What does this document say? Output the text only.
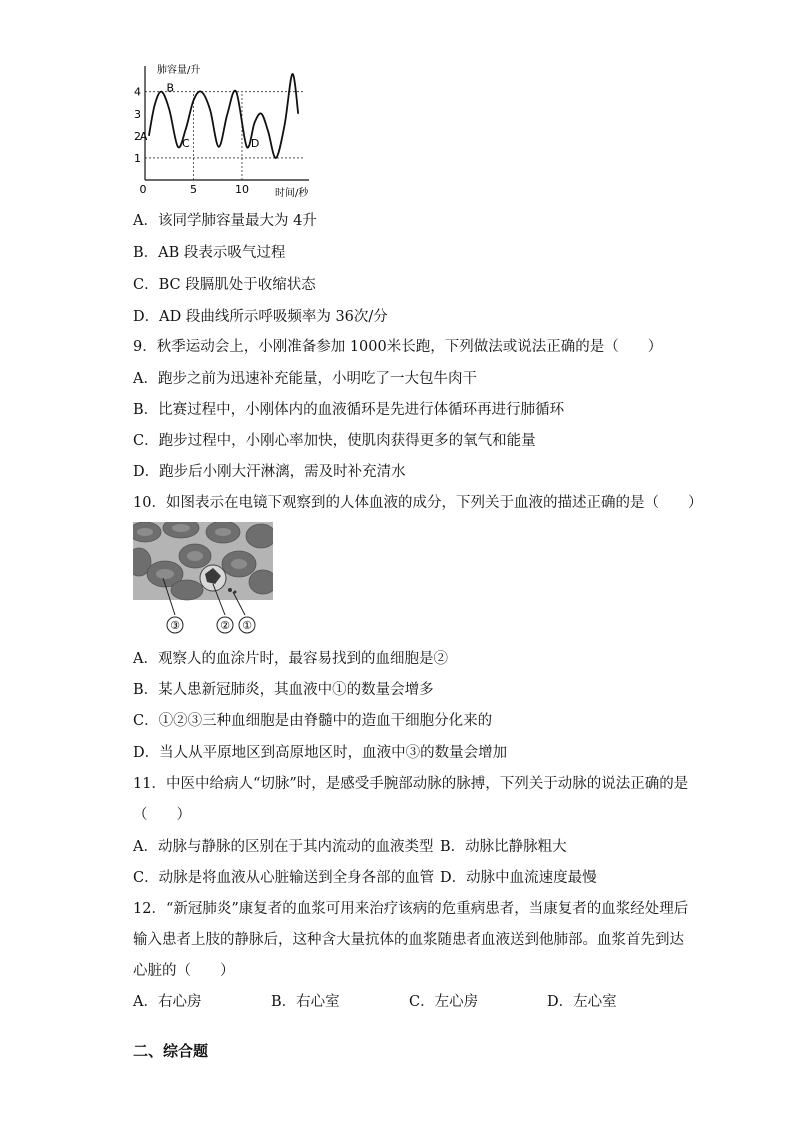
1
2
3
4
0	5	10
肺容量/升
时间/秒
A
B
C	D
A．该同学肺容量最大为 4升
B．AB 段表示吸气过程
C．BC 段膈肌处于收缩状态
D．AD 段曲线所示呼吸频率为 36次/分
9．秋季运动会上，小刚准备参加 1000米长跑，下列做法或说法正确的是（　　）
A．跑步之前为迅速补充能量，小明吃了一大包牛肉干
B．比赛过程中，小刚体内的血液循环是先进行体循环再进行肺循环
C．跑步过程中，小刚心率加快，使肌肉获得更多的氧气和能量
D．跑步后小刚大汗淋漓，需及时补充清水
10．如图表示在电镜下观察到的人体血液的成分，下列关于血液的描述正确的是（　　）
③	② ①
A．观察人的血涂片时，最容易找到的血细胞是②
B．某人患新冠肺炎，其血液中①的数量会增多
C．①②③三种血细胞是由脊髓中的造血干细胞分化来的
D．当人从平原地区到高原地区时，血液中③的数量会增加
11．中医中给病人“切脉”时，是感受手腕部动脉的脉搏，下列关于动脉的说法正确的是
（　　）
A．动脉与静脉的区别在于其内流动的血液类型 B．动脉比静脉粗大
C．动脉是将血液从心脏输送到全身各部的血管 D．动脉中血流速度最慢
12．“新冠肺炎”康复者的血浆可用来治疗该病的危重病患者，当康复者的血浆经处理后
输入患者上肢的静脉后，这种含大量抗体的血浆随患者血液送到他肺部。血浆首先到达
心脏的（　　）
A．右心房	B．右心室	C．左心房	D．左心室
二、综合题
